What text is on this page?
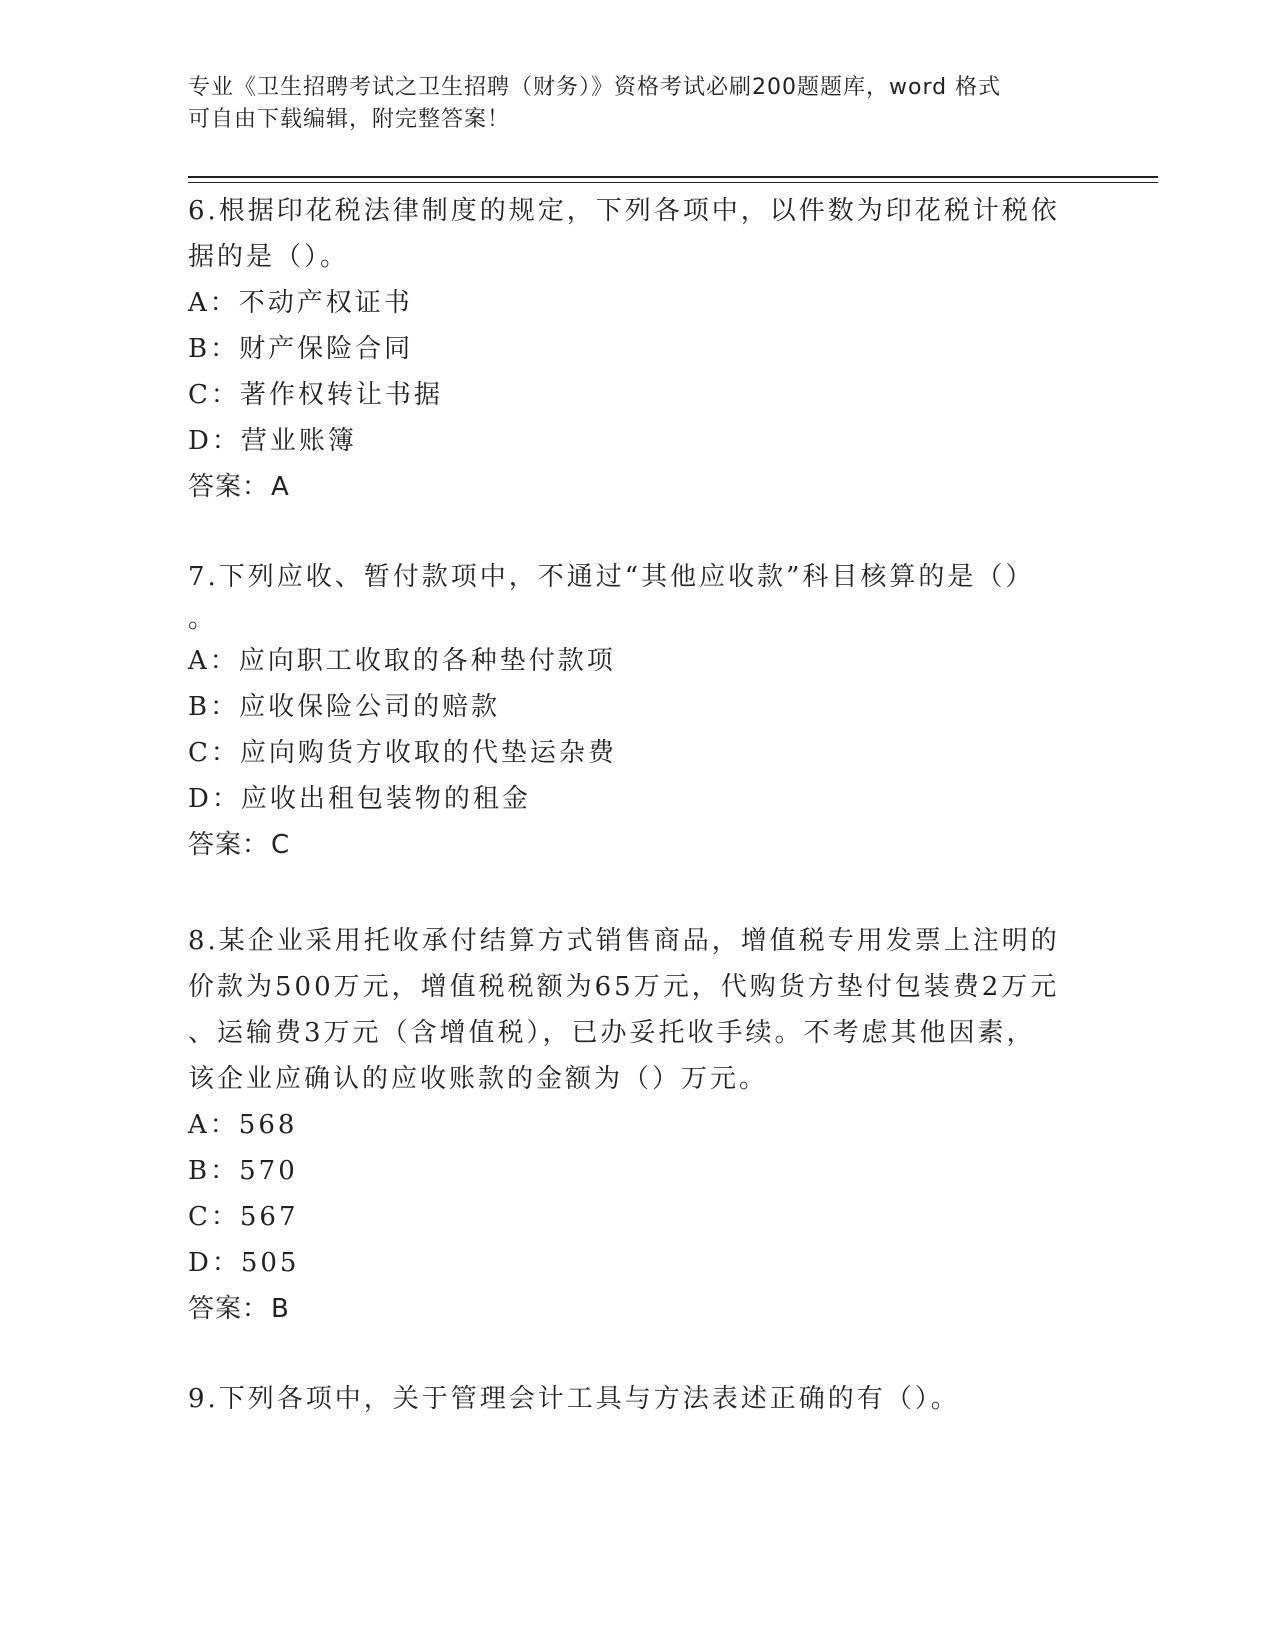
专业《卫生招聘考试之卫生招聘（财务）》资格考试必刷200题题库，word 格式
可自由下载编辑，附完整答案！
6.根据印花税法律制度的规定，下列各项中，以件数为印花税计税依
据的是（）。
A：不动产权证书
B：财产保险合同
C：著作权转让书据
D：营业账簿
答案：A
7.下列应收、暂付款项中，不通过“其他应收款”科目核算的是（）
。
A：应向职工收取的各种垫付款项
B：应收保险公司的赔款
C：应向购货方收取的代垫运杂费
D：应收出租包装物的租金
答案：C
8.某企业采用托收承付结算方式销售商品，增值税专用发票上注明的
价款为500万元，增值税税额为65万元，代购货方垫付包装费2万元
、运输费3万元（含增值税），已办妥托收手续。不考虑其他因素，
该企业应确认的应收账款的金额为（）万元。
A：568
B：570
C：567
D：505
答案：B
9.下列各项中，关于管理会计工具与方法表述正确的有（）。
